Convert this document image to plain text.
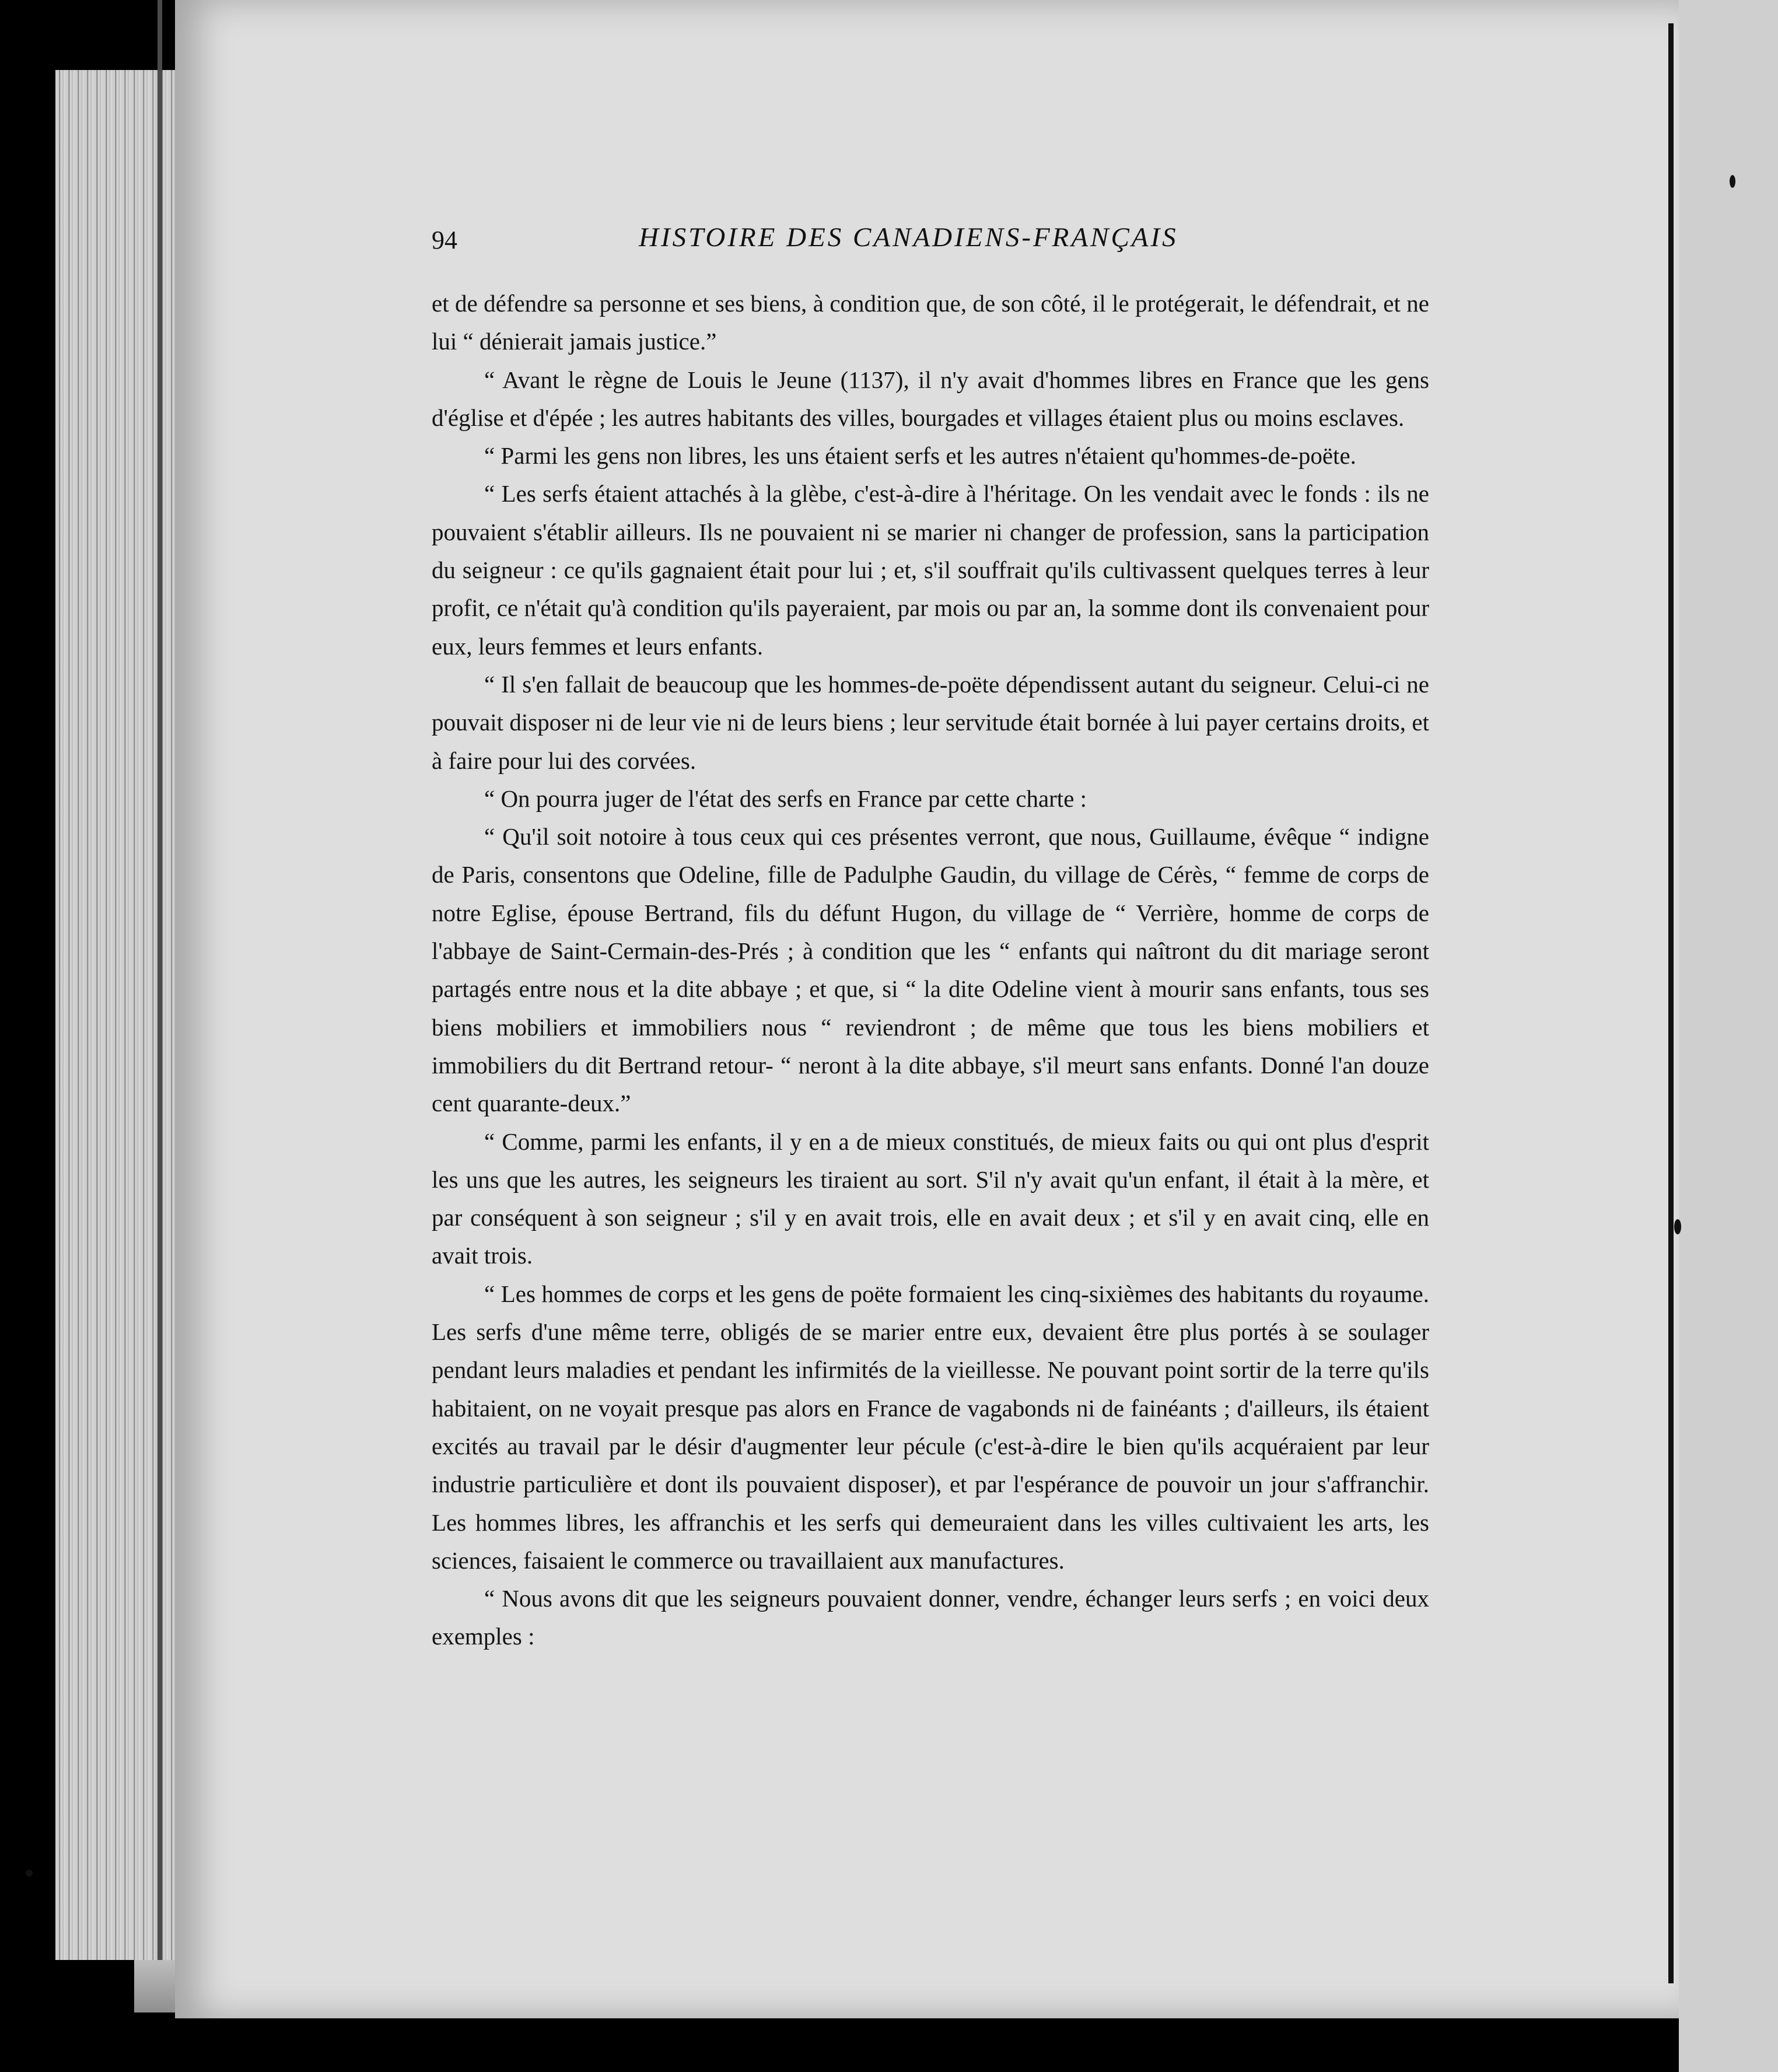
94	HISTOIRE DES CANADIENS-FRANÇAIS

et de défendre sa personne et ses biens, à condition que, de son côté, il le protégerait, le défendrait, et ne lui “ dénierait jamais justice.”

“ Avant le règne de Louis le Jeune (1137), il n'y avait d'hommes libres en France que les gens d'église et d'épée ; les autres habitants des villes, bourgades et villages étaient plus ou moins esclaves.

“ Parmi les gens non libres, les uns étaient serfs et les autres n'étaient qu'hommes-de-poëte.

“ Les serfs étaient attachés à la glèbe, c'est-à-dire à l'héritage. On les vendait avec le fonds : ils ne pouvaient s'établir ailleurs. Ils ne pouvaient ni se marier ni changer de profession, sans la participation du seigneur : ce qu'ils gagnaient était pour lui ; et, s'il souffrait qu'ils cultivassent quelques terres à leur profit, ce n'était qu'à condition qu'ils payeraient, par mois ou par an, la somme dont ils convenaient pour eux, leurs femmes et leurs enfants.

“ Il s'en fallait de beaucoup que les hommes-de-poëte dépendissent autant du seigneur. Celui-ci ne pouvait disposer ni de leur vie ni de leurs biens ; leur servitude était bornée à lui payer certains droits, et à faire pour lui des corvées.

“ On pourra juger de l'état des serfs en France par cette charte :

“ Qu'il soit notoire à tous ceux qui ces présentes verront, que nous, Guillaume, évêque “ indigne de Paris, consentons que Odeline, fille de Padulphe Gaudin, du village de Cérès, “ femme de corps de notre Eglise, épouse Bertrand, fils du défunt Hugon, du village de “ Verrière, homme de corps de l'abbaye de Saint-Cermain-des-Prés ; à condition que les “ enfants qui naîtront du dit mariage seront partagés entre nous et la dite abbaye ; et que, si “ la dite Odeline vient à mourir sans enfants, tous ses biens mobiliers et immobiliers nous “ reviendront ; de même que tous les biens mobiliers et immobiliers du dit Bertrand retour- “ neront à la dite abbaye, s'il meurt sans enfants. Donné l'an douze cent quarante-deux.”

“ Comme, parmi les enfants, il y en a de mieux constitués, de mieux faits ou qui ont plus d'esprit les uns que les autres, les seigneurs les tiraient au sort. S'il n'y avait qu'un enfant, il était à la mère, et par conséquent à son seigneur ; s'il y en avait trois, elle en avait deux ; et s'il y en avait cinq, elle en avait trois.

“ Les hommes de corps et les gens de poëte formaient les cinq-sixièmes des habitants du royaume. Les serfs d'une même terre, obligés de se marier entre eux, devaient être plus portés à se soulager pendant leurs maladies et pendant les infirmités de la vieillesse. Ne pouvant point sortir de la terre qu'ils habitaient, on ne voyait presque pas alors en France de vagabonds ni de fainéants ; d'ailleurs, ils étaient excités au travail par le désir d'augmenter leur pécule (c'est-à-dire le bien qu'ils acquéraient par leur industrie particulière et dont ils pouvaient disposer), et par l'espérance de pouvoir un jour s'affranchir. Les hommes libres, les affranchis et les serfs qui demeuraient dans les villes cultivaient les arts, les sciences, faisaient le commerce ou travaillaient aux manufactures.

“ Nous avons dit que les seigneurs pouvaient donner, vendre, échanger leurs serfs ; en voici deux exemples :
